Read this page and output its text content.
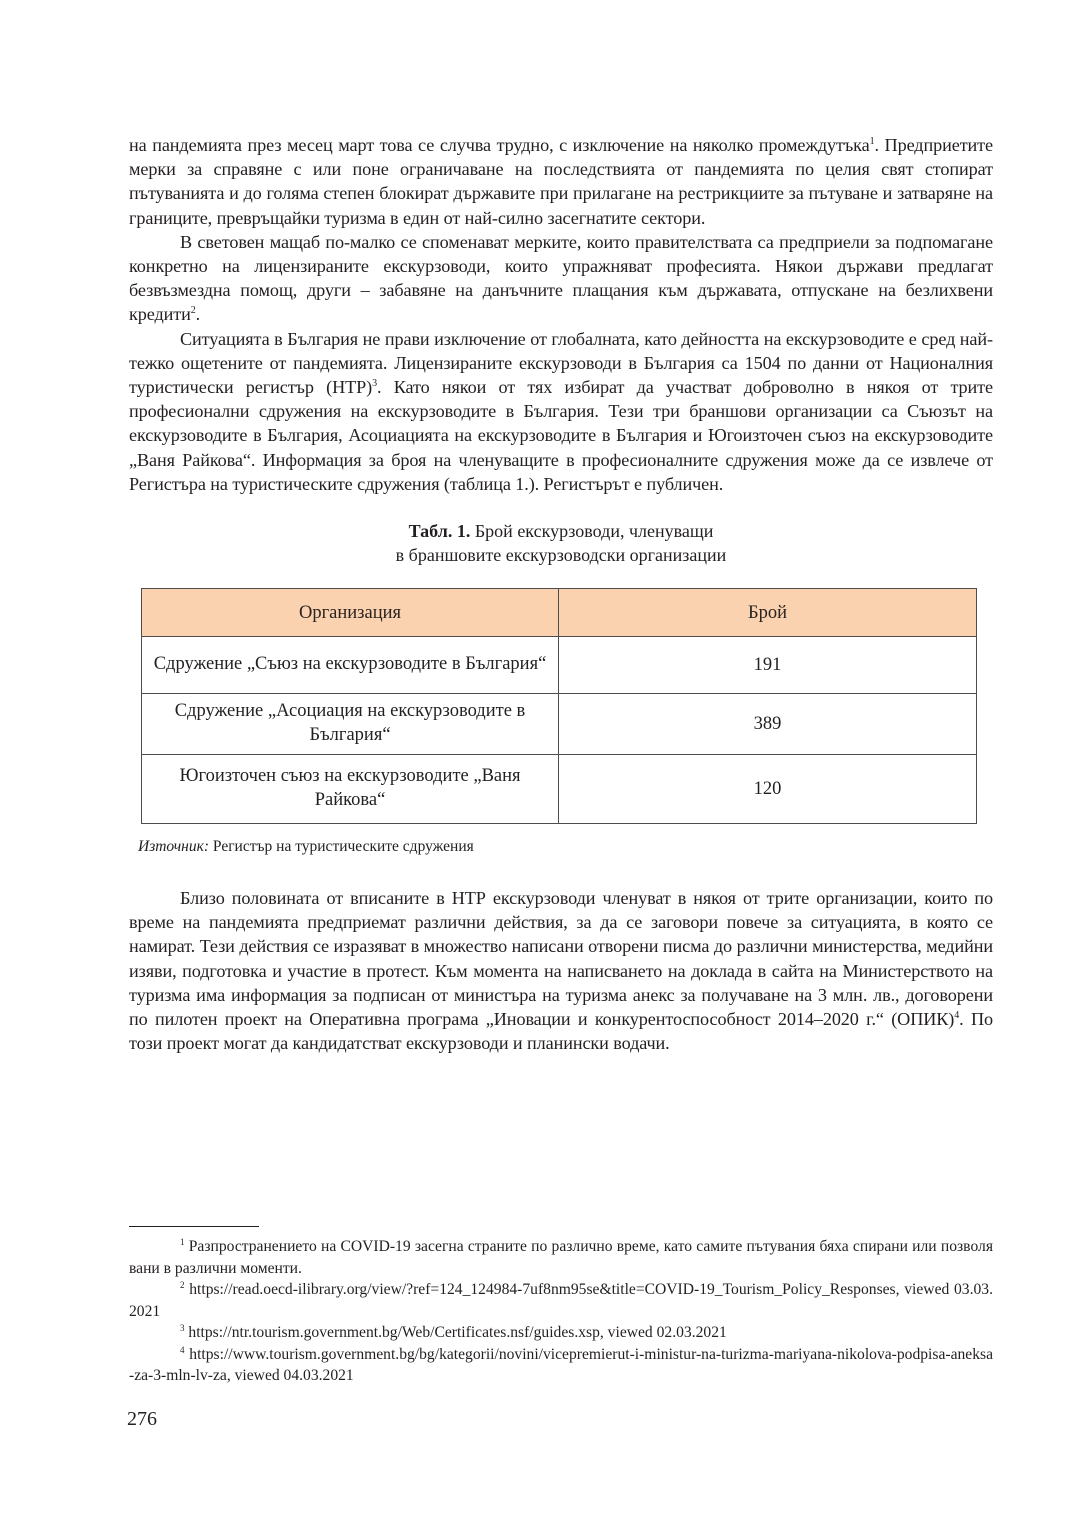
на пандемията през месец март това се случва трудно, с изключение на няколко промеждутъка$^1$. Предприетите мерки за справяне с или поне ограничаване на последствията от пандемията по целия свят стопират пътуванията и до голяма степен блокират държавите при прилагане на рестрикциите за пътуване и затваряне на границите, превръщайки туризма в един от най-силно засегнатите сектори.

В световен мащаб по-малко се споменават мерките, които правителствата са предприели за подпомагане конкретно на лицензираните екскурзоводи, които упражняват професията. Някои държави предлагат безвъзмездна помощ, други – забавяне на данъчните плащания към държавата, отпускане на безлихвени кредити$^2$.

Ситуацията в България не прави изключение от глобалната, като дейността на екскурзоводите е сред най-тежко ощетените от пандемията. Лицензираните екскурзоводи в България са 1504 по данни от Националния туристически регистър (НТР)$^3$. Като някои от тях избират да участват доброволно в някоя от трите професионални сдружения на екскурзоводите в България. Тези три браншови организации са Съюзът на екскурзоводите в България, Асоциацията на екскурзоводите в България и Югоизточен съюз на екскурзоводите „Ваня Райкова“. Информация за броя на членуващите в професионалните сдружения може да се извлече от Регистъра на туристическите сдружения (таблица 1.). Регистърът е публичен.

Табл. 1. Брой екскурзоводи, членуващи
в браншовите екскурзоводски организации
Организация	Брой
Сдружение „Съюз на екскурзоводите в България“	191
Сдружение „Асоциация на екскурзоводите в България“	389
Югоизточен съюз на екскурзоводите „Ваня Райкова“	120
Източник: Регистър на туристическите сдружения

Близо половината от вписаните в НТР екскурзоводи членуват в някоя от трите организации, които по време на пандемията предприемат различни действия, за да се заговори повече за ситуацията, в която се намират. Тези действия се изразяват в множество написани отворени писма до различни министерства, медийни изяви, подготовка и участие в протест. Към момента на написването на доклада в сайта на Министерството на туризма има информация за подписан от министъра на туризма анекс за получаване на 3 млн. лв., договорени по пилотен проект на Оперативна програма „Иновации и конкурентоспособност 2014–2020 г.“ (ОПИК)$^4$. По този проект могат да кандидатстват екскурзоводи и планински водачи.

$^1$ Разпространението на COVID-19 засегна страните по различно време, като самите пътувания бяха спирани или позволявани в различни моменти.

$^2$ https://read.oecd-ilibrary.org/view/?ref=124_124984-7uf8nm95se&title=COVID-19_Tourism_Policy_Responses, viewed 03.03.2021

$^3$ https://ntr.tourism.government.bg/Web/Certificates.nsf/guides.xsp, viewed 02.03.2021

$^4$ https://www.tourism.government.bg/bg/kategorii/novini/vicepremierut-i-ministur-na-turizma-mariyana-nikolova-podpisa-aneksa-za-3-mln-lv-za, viewed 04.03.2021

276
